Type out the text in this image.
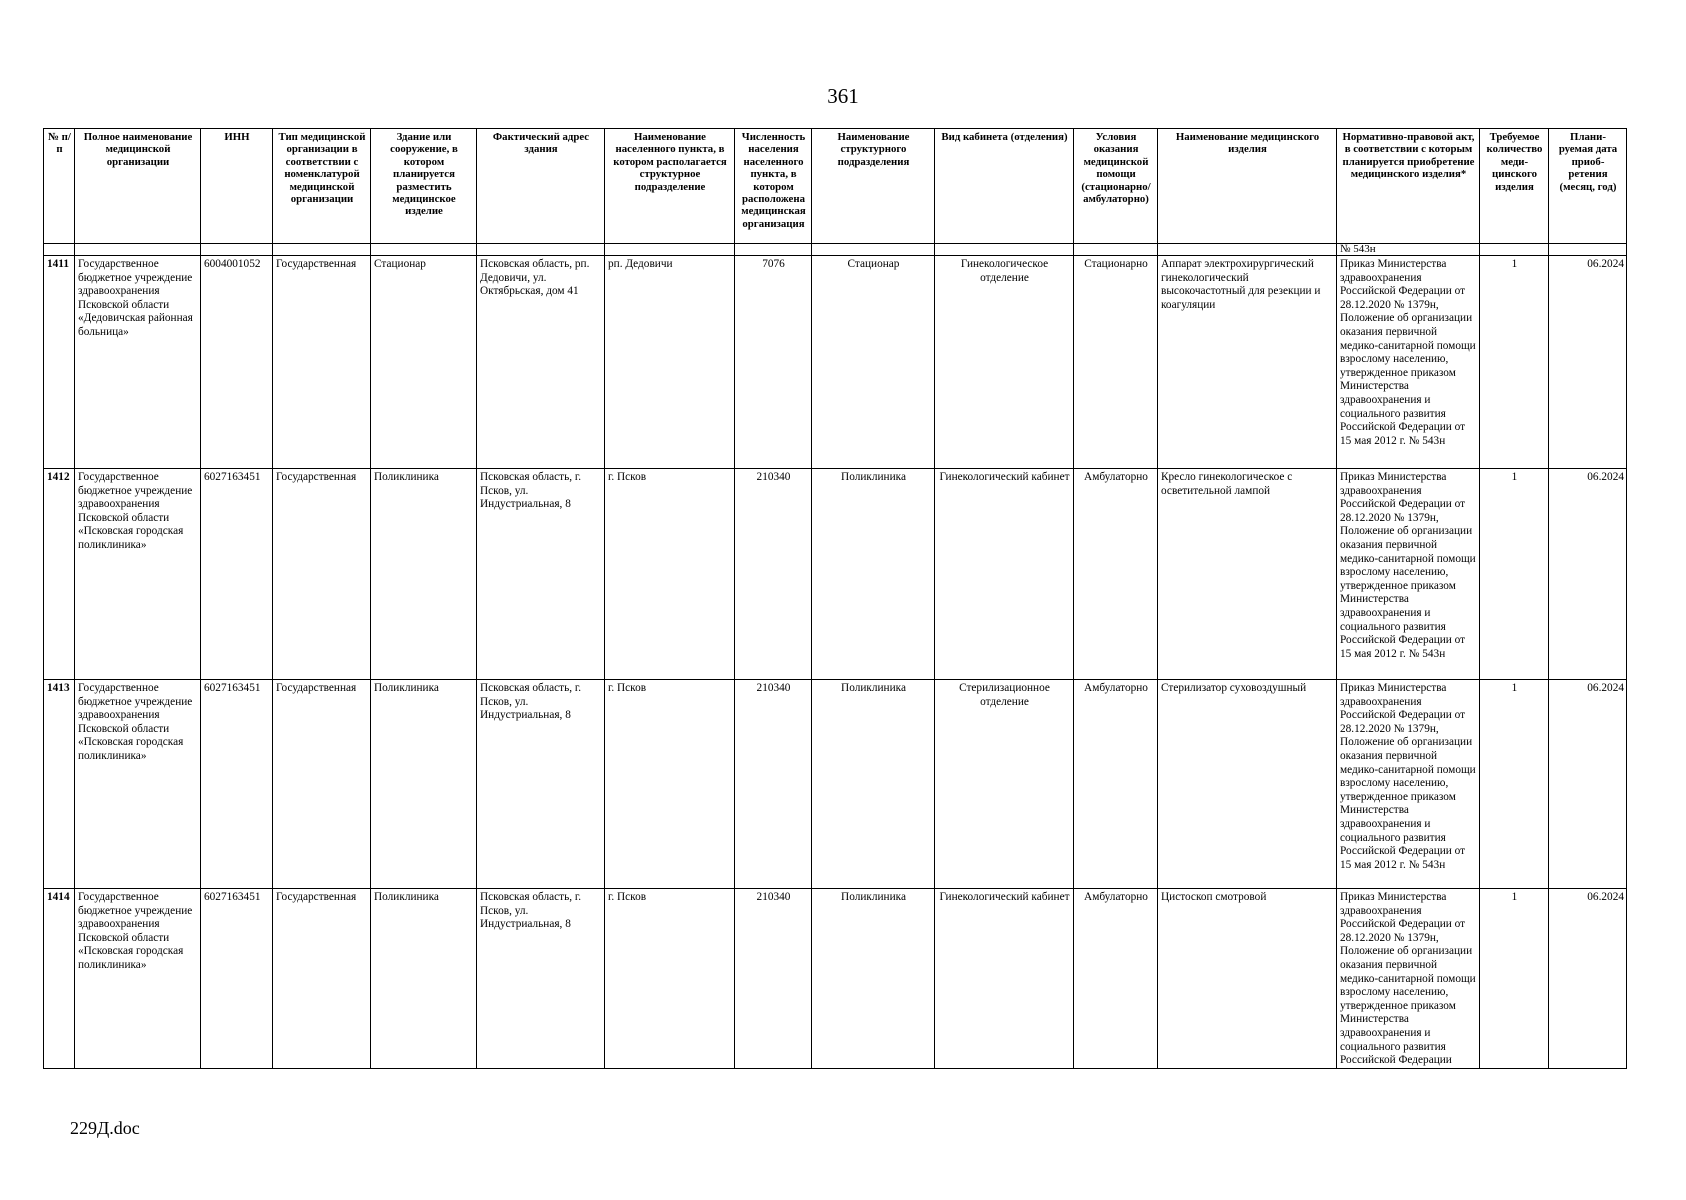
361
№ п/п	Полное наименование медицинской организации	ИНН	Тип медицинской организации в соответствии с номенклатурой медицинской организации	Здание или сооружение, в котором планируется разместить медицинское изделие	Фактический адрес здания	Наименование населенного пункта, в котором располагается структурное подразделение	Численность населения населенного пункта, в котором расположена медицинская организация	Наименование структурного подразделения	Вид кабинета (отделения)	Условия оказания медицинской помощи (стационарно/ амбулаторно)	Наименование медицинского изделия	Нормативно-правовой акт, в соответствии с которым планируется приобретение медицинского изделия*	Требуемое количество меди- цинского изделия	Плани- руемая дата приоб- ретения (месяц, год)
												№ 543н		
1411	Государственное бюджетное учреждение здравоохранения Псковской области «Дедовичская районная больница»	6004001052	Государственная	Стационар	Псковская область, рп. Дедовичи, ул. Октябрьская, дом 41	рп. Дедовичи	7076	Стационар	Гинекологическое отделение	Стационарно	Аппарат электрохирургический гинекологический высокочастотный для резекции и коагуляции	Приказ Министерства здравоохранения Российской Федерации от 28.12.2020 № 1379н, Положение об организации оказания первичной медико-санитарной помощи взрослому населению, утвержденное приказом Министерства здравоохранения и социального развития Российской Федерации от 15 мая 2012 г. № 543н	1	06.2024
1412	Государственное бюджетное учреждение здравоохранения Псковской области «Псковская городская поликлиника»	6027163451	Государственная	Поликлиника	Псковская область, г. Псков, ул. Индустриальная, 8	г. Псков	210340	Поликлиника	Гинекологический кабинет	Амбулаторно	Кресло гинекологическое с осветительной лампой	Приказ Министерства здравоохранения Российской Федерации от 28.12.2020 № 1379н, Положение об организации оказания первичной медико-санитарной помощи взрослому населению, утвержденное приказом Министерства здравоохранения и социального развития Российской Федерации от 15 мая 2012 г. № 543н	1	06.2024
1413	Государственное бюджетное учреждение здравоохранения Псковской области «Псковская городская поликлиника»	6027163451	Государственная	Поликлиника	Псковская область, г. Псков, ул. Индустриальная, 8	г. Псков	210340	Поликлиника	Стерилизационное отделение	Амбулаторно	Стерилизатор суховоздушный	Приказ Министерства здравоохранения Российской Федерации от 28.12.2020 № 1379н, Положение об организации оказания первичной медико-санитарной помощи взрослому населению, утвержденное приказом Министерства здравоохранения и социального развития Российской Федерации от 15 мая 2012 г. № 543н	1	06.2024
1414	Государственное бюджетное учреждение здравоохранения Псковской области «Псковская городская поликлиника»	6027163451	Государственная	Поликлиника	Псковская область, г. Псков, ул. Индустриальная, 8	г. Псков	210340	Поликлиника	Гинекологический кабинет	Амбулаторно	Цистоскоп смотровой	Приказ Министерства здравоохранения Российской Федерации от 28.12.2020 № 1379н, Положение об организации оказания первичной медико-санитарной помощи взрослому населению, утвержденное приказом Министерства здравоохранения и социального развития Российской Федерации	1	06.2024
229Д.doc
